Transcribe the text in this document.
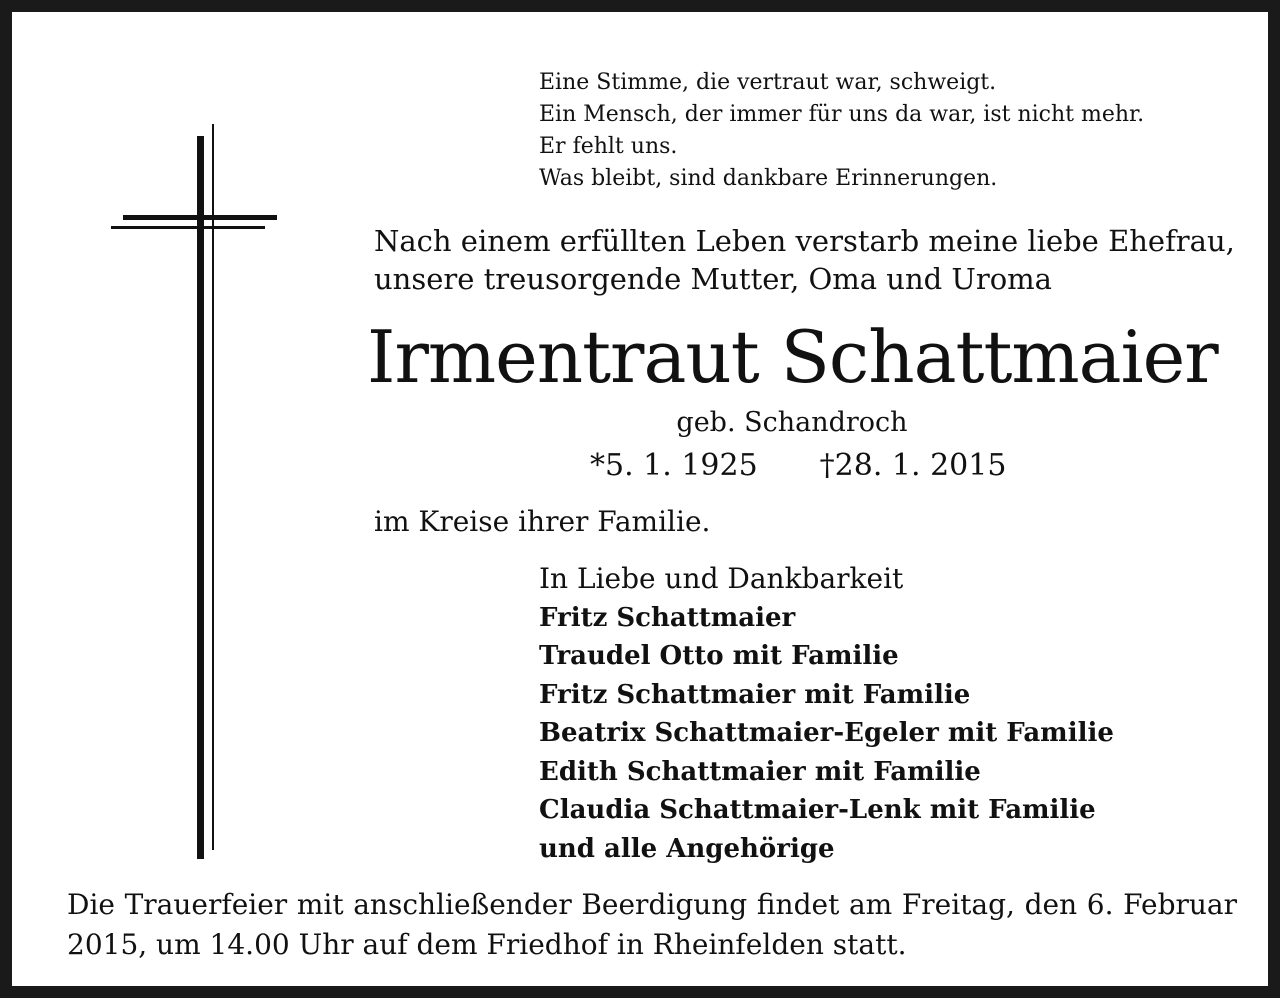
Eine Stimme, die vertraut war, schweigt.
Ein Mensch, der immer für uns da war, ist nicht mehr.
Er fehlt uns.
Was bleibt, sind dankbare Erinnerungen.
Nach einem erfüllten Leben verstarb meine liebe Ehefrau,
unsere treusorgende Mutter, Oma und Uroma
Irmentraut Schattmaier
geb. Schandroch
*5. 1. 1925 †28. 1. 2015
im Kreise ihrer Familie.
In Liebe und Dankbarkeit
Fritz Schattmaier
Traudel Otto mit Familie
Fritz Schattmaier mit Familie
Beatrix Schattmaier-Egeler mit Familie
Edith Schattmaier mit Familie
Claudia Schattmaier-Lenk mit Familie
und alle Angehörige
Die Trauerfeier mit anschließender Beerdigung findet am Freitag, den 6. Februar 2015, um 14.00 Uhr auf dem Friedhof in Rheinfelden statt.
